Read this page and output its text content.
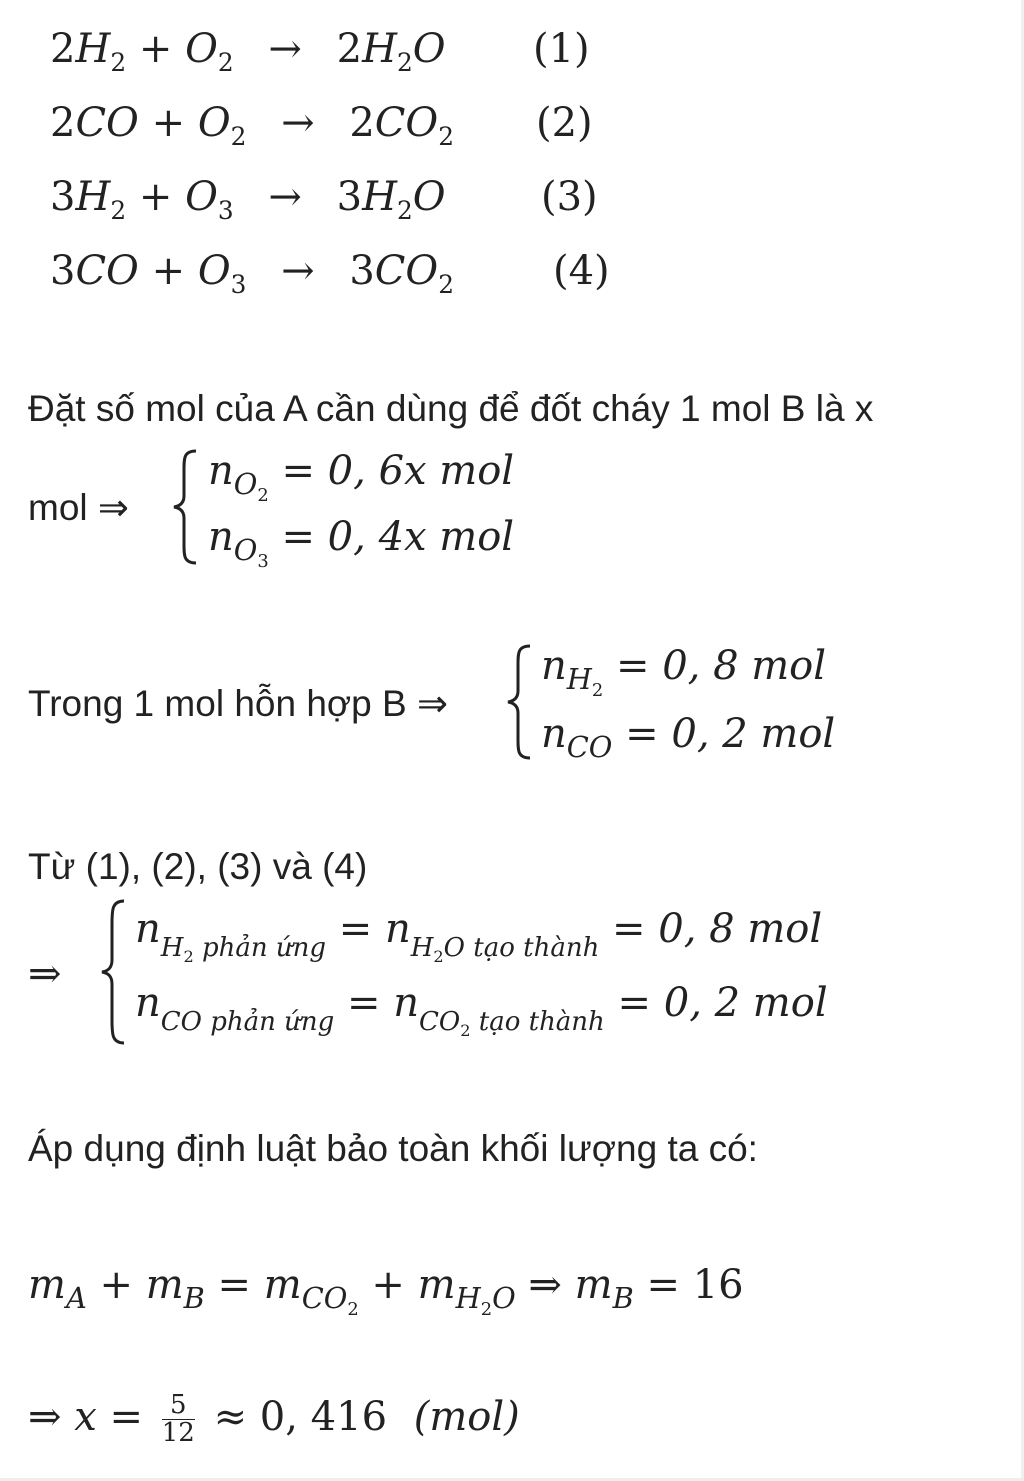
$2H_2 + O_2 \to 2H_2O$ (1)
$2CO + O_2 \to 2CO_2$ (2)
$3H_2 + O_3 \to 3H_2O$ (3)
$3CO + O_3 \to 3CO_2$ (4)
Đặt số mol của A cần dùng để đốt cháy 1 mol B là x
mol ⇒
$n_{O_2} = 0$, 6x mol
$n_{O_3} = 0$, 4x mol
Trong 1 mol hỗn hợp B ⇒
$n_{H_2} = 0$, 8 mol
$n_{CO} = 0$, 2 mol
Từ (1), (2), (3) và (4)
⇒
$n_{H_2 phản ứng} = n_{H_2O tạo thành} = 0$, 8 mol
$n_{CO phản ứng} = n_{CO_2 tạo thành} = 0$, 2 mol
Áp dụng định luật bảo toàn khối lượng ta có:
$m_A + m_B = m_{CO_2} + m_{H_2O}$ ⇒ $m_B = 16$
⇒ $x = \frac{5}{12} \approx 0$, 416 (mol)
